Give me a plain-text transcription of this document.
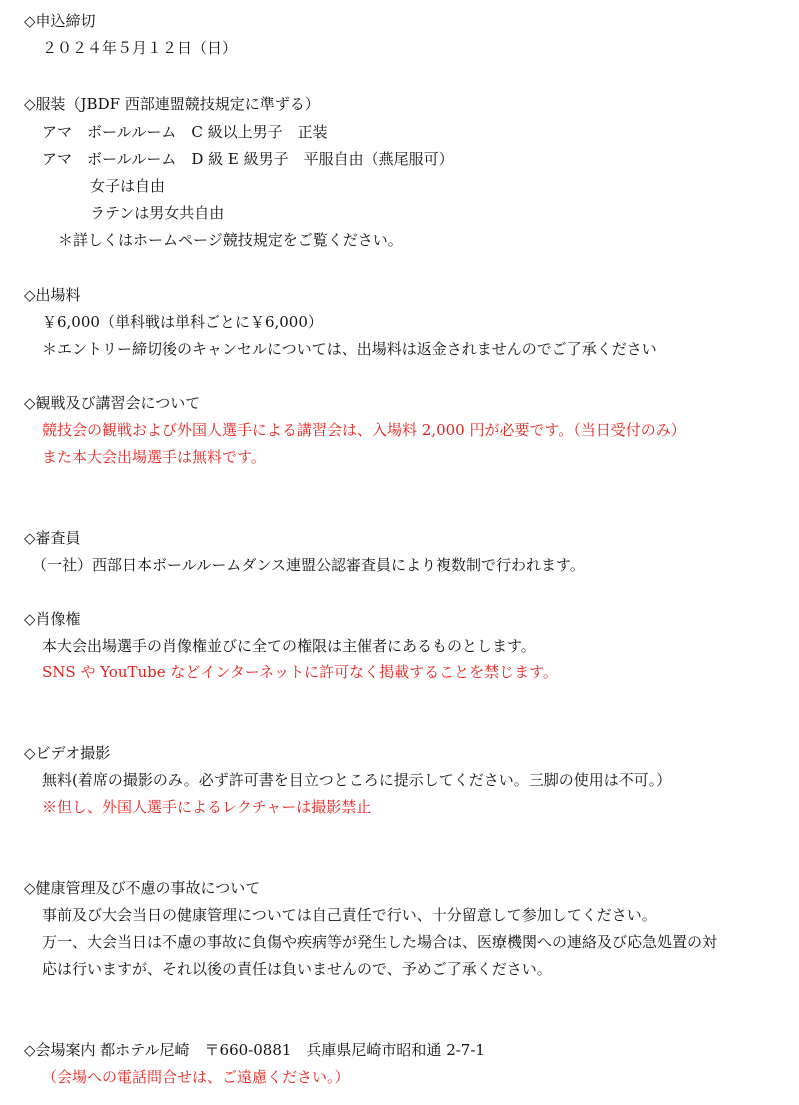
◇申込締切
２０２４年５月１２日（日）
◇服装（JBDF 西部連盟競技規定に準ずる）
アマ　ボールルーム　C 級以上男子　正装
アマ　ボールルーム　D 級 E 級男子　平服自由（燕尾服可）
女子は自由
ラテンは男女共自由
＊詳しくはホームページ競技規定をご覧ください。
◇出場料
￥6,000（単科戦は単科ごとに￥6,000）
＊エントリー締切後のキャンセルについては、出場料は返金されませんのでご了承ください
◇観戦及び講習会について
競技会の観戦および外国人選手による講習会は、入場料 2,000 円が必要です。（当日受付のみ）
また本大会出場選手は無料です。
◇審査員
（一社）西部日本ボールルームダンス連盟公認審査員により複数制で行われます。
◇肖像権
本大会出場選手の肖像権並びに全ての権限は主催者にあるものとします。
SNS や YouTube などインターネットに許可なく掲載することを禁じます。
◇ビデオ撮影
無料(着席の撮影のみ。必ず許可書を目立つところに提示してください。三脚の使用は不可。）
※但し、外国人選手によるレクチャーは撮影禁止
◇健康管理及び不慮の事故について
事前及び大会当日の健康管理については自己責任で行い、十分留意して参加してください。
万一、大会当日は不慮の事故に負傷や疾病等が発生した場合は、医療機関への連絡及び応急処置の対
応は行いますが、それ以後の責任は負いませんので、予めご了承ください。
◇会場案内 都ホテル尼崎　〒660-0881　兵庫県尼崎市昭和通 2-7-1
（会場への電話問合せは、ご遠慮ください。）
